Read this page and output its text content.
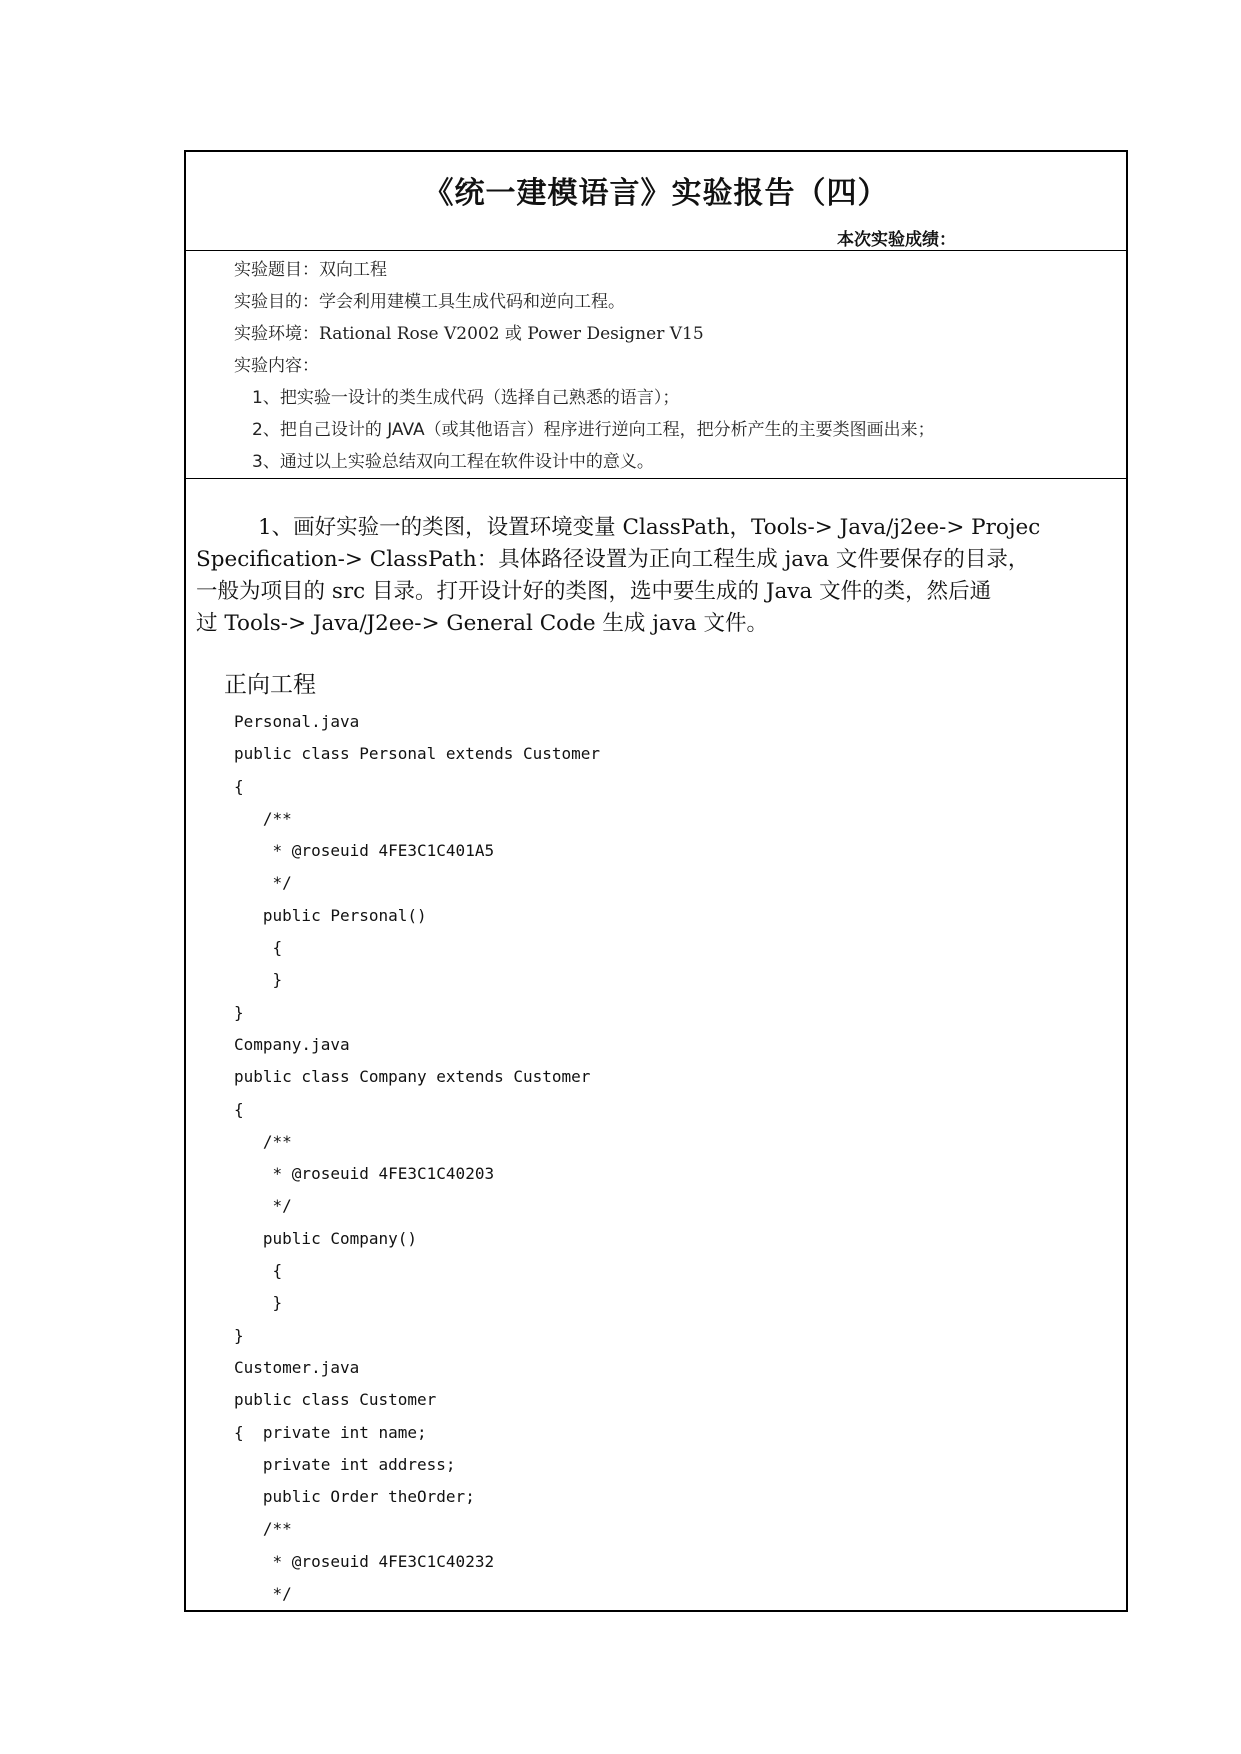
《统一建模语言》实验报告（四）
本次实验成绩：
实验题目：双向工程
实验目的：学会利用建模工具生成代码和逆向工程。
实验环境：Rational Rose V2002 或 Power Designer V15
实验内容：
1、把实验一设计的类生成代码（选择自己熟悉的语言）；
2、把自己设计的 JAVA（或其他语言）程序进行逆向工程，把分析产生的主要类图画出来；
3、通过以上实验总结双向工程在软件设计中的意义。
1、画好实验一的类图，设置环境变量 ClassPath，Tools-> Java/j2ee-> Projec
Specification-> ClassPath：具体路径设置为正向工程生成 java 文件要保存的目录，
一般为项目的 src 目录。打开设计好的类图，选中要生成的 Java 文件的类，然后通
过 Tools-> Java/J2ee-> General Code 生成 java 文件。
正向工程
Personal.java
public class Personal extends Customer
{
/**
* @roseuid 4FE3C1C401A5
*/
public Personal()
{
}
}
Company.java
public class Company extends Customer
{
/**
* @roseuid 4FE3C1C40203
*/
public Company()
{
}
}
Customer.java
public class Customer
{  private int name;
private int address;
public Order theOrder;
/**
* @roseuid 4FE3C1C40232
*/
